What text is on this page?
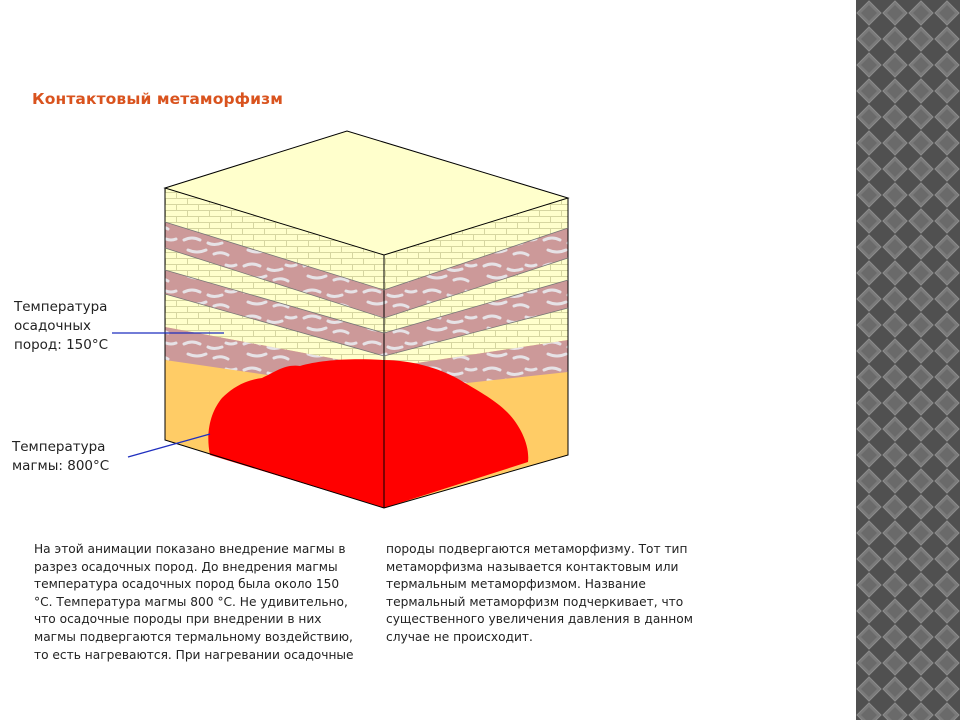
Контактовый метаморфизм
Температура
осадочных
пород: 150°C
Температура
магмы: 800°C
На этой анимации показано внедрение магмы в
разрез осадочных пород. До внедрения магмы
температура осадочных пород была около 150
°C. Температура магмы 800 °C. Не удивительно,
что осадочные породы при внедрении в них
магмы подвергаются термальному воздействию,
то есть нагреваются. При нагревании осадочные
породы подвергаются метаморфизму. Тот тип
метаморфизма называется контактовым или
термальным метаморфизмом. Название
термальный метаморфизм подчеркивает, что
существенного увеличения давления в данном
случае не происходит.
